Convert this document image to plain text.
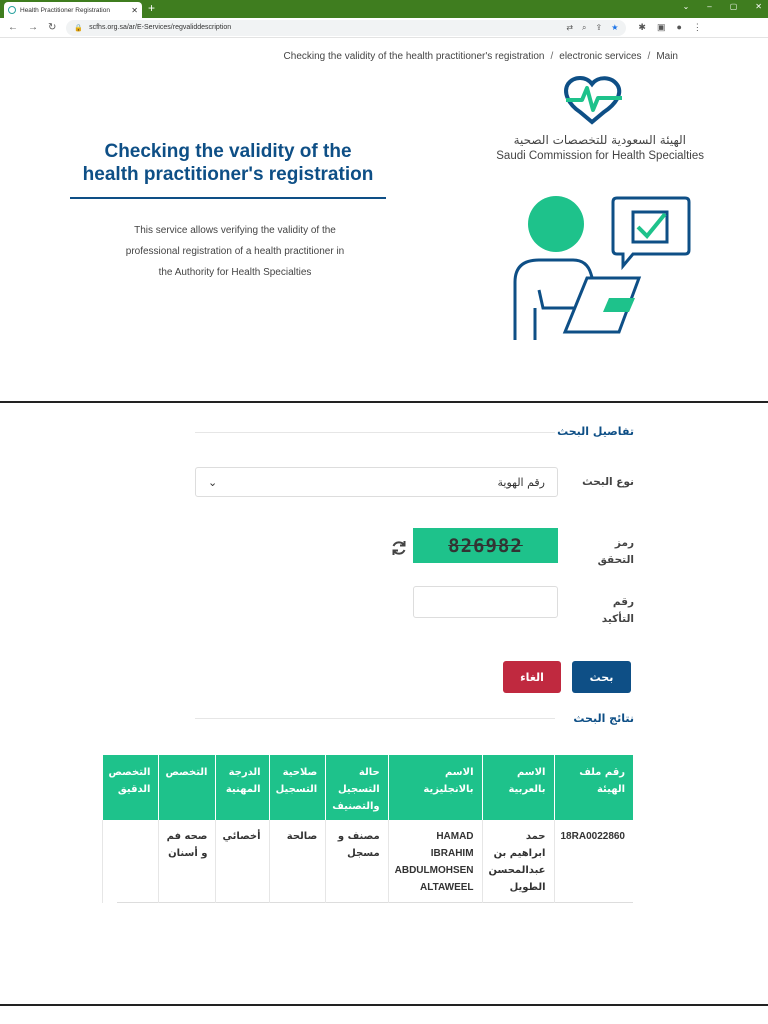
Health Practitioner Registration	✕ +	⌄ – ▢ ✕
← → ↻	🔒 scfhs.org.sa/ar/E-Services/regvaliddescription	⇄ ⌕ ⇪ ★ ✱ ▣ ● ⋮
Checking the validity of the health practitioner's registration / electronic services / Main
Checking the validity of the
health practitioner's registration
This service allows verifying the validity of the
professional registration of a health practitioner in
the Authority for Health Specialties
الهيئة السعودية للتخصصات الصحية
Saudi Commission for Health Specialties
تفاصيل البحث
نوع البحث
⌄	رقم الهوية
رمز
التحقق
826982
رقم
التأكيد
بحث
الغاء
نتائج البحث
رقم ملف الهيئة	الاسم بالعربية	الاسم بالانجليزية	حالة التسجيل والتصنيف	صلاحية التسجيل	الدرجة المهنية	التخصص	التخصص الدقيق
18RA0022860	حمد ابراهيم بن عبدالمحسن الطويل	HAMAD IBRAHIM ABDULMOHSEN ALTAWEEL	مصنف و مسجل	صالحة	أخصائي	صحه فم و أسنان	
